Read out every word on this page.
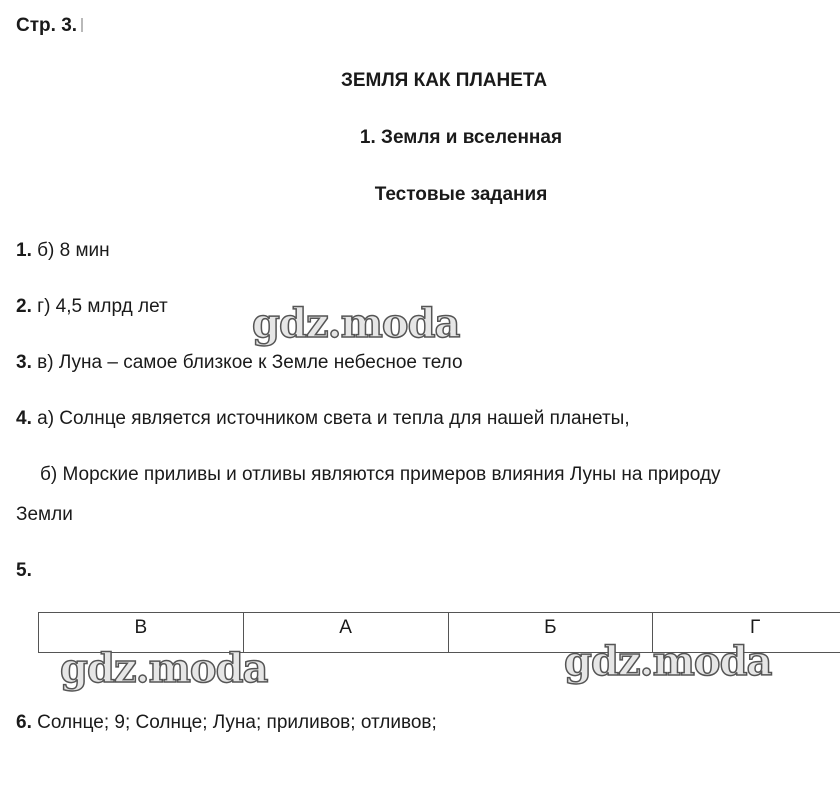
Стр. 3.
ЗЕМЛЯ КАК ПЛАНЕТА
1. Земля и вселенная
Тестовые задания
1. б) 8 мин
2. г) 4,5 млрд лет
3. в) Луна – самое близкое к Земле небесное тело
4. а) Солнце является источником света и тепла для нашей планеты,
б) Морские приливы и отливы являются примеров влияния Луны на природу
Земли
5.
В	А	Б	Г
6. Солнце; 9; Солнце; Луна; приливов; отливов;
gdz.moda
gdz.moda	gdz.moda
